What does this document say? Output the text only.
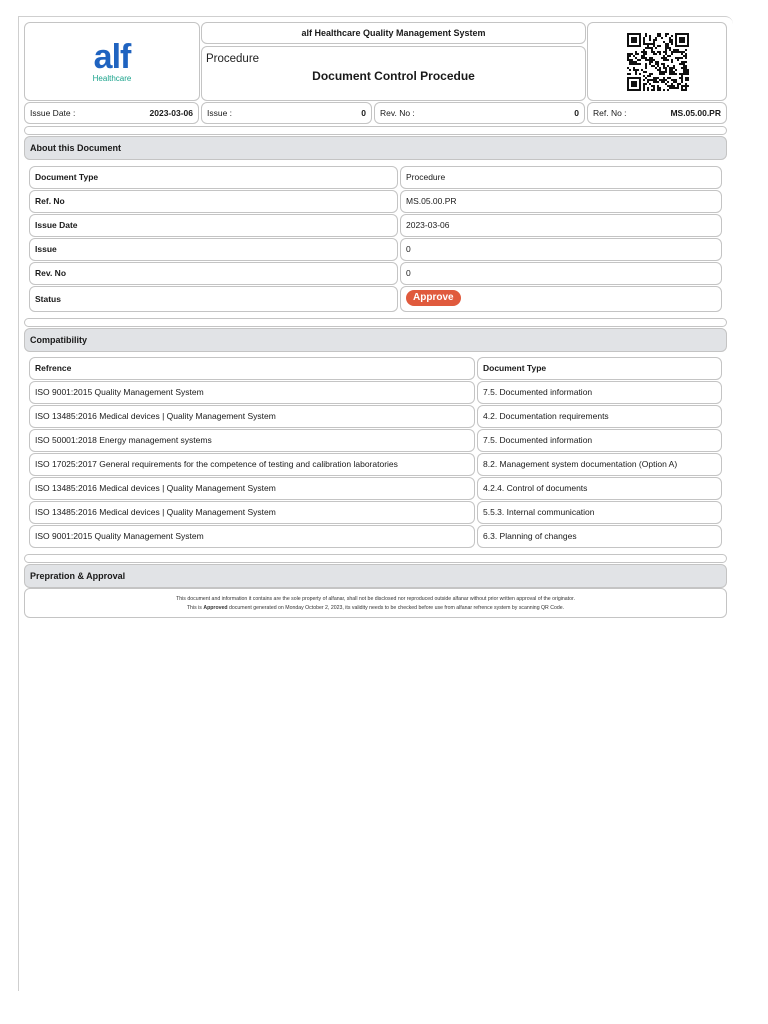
alf
Healthcare
alf Healthcare Quality Management System
Procedure
Document Control Procedue
Issue Date :	2023-03-06 Issue :	0 Rev. No :	0 Ref. No :	MS.05.00.PR
About this Document
Document Type	Procedure
Ref. No	MS.05.00.PR
Issue Date	2023-03-06
Issue	0
Rev. No	0
Status	Approve
Compatibility
Refrence	Document Type
ISO 9001:2015 Quality Management System	7.5. Documented information
ISO 13485:2016 Medical devices | Quality Management System	4.2. Documentation requirements
ISO 50001:2018 Energy management systems	7.5. Documented information
ISO 17025:2017 General requirements for the competence of testing and calibration laboratories	8.2. Management system documentation (Option A)
ISO 13485:2016 Medical devices | Quality Management System	4.2.4. Control of documents
ISO 13485:2016 Medical devices | Quality Management System	5.5.3. Internal communication
ISO 9001:2015 Quality Management System	6.3. Planning of changes
Prepration & Approval
This document and information it contains are the sole property of alfanar, shall not be disclosed nor reproduced outside alfanar without prior written approval of the originator.
This is Approved document generated on Monday October 2, 2023, its validity needs to be checked before use from alfanar refrence system by scanning QR Code.
